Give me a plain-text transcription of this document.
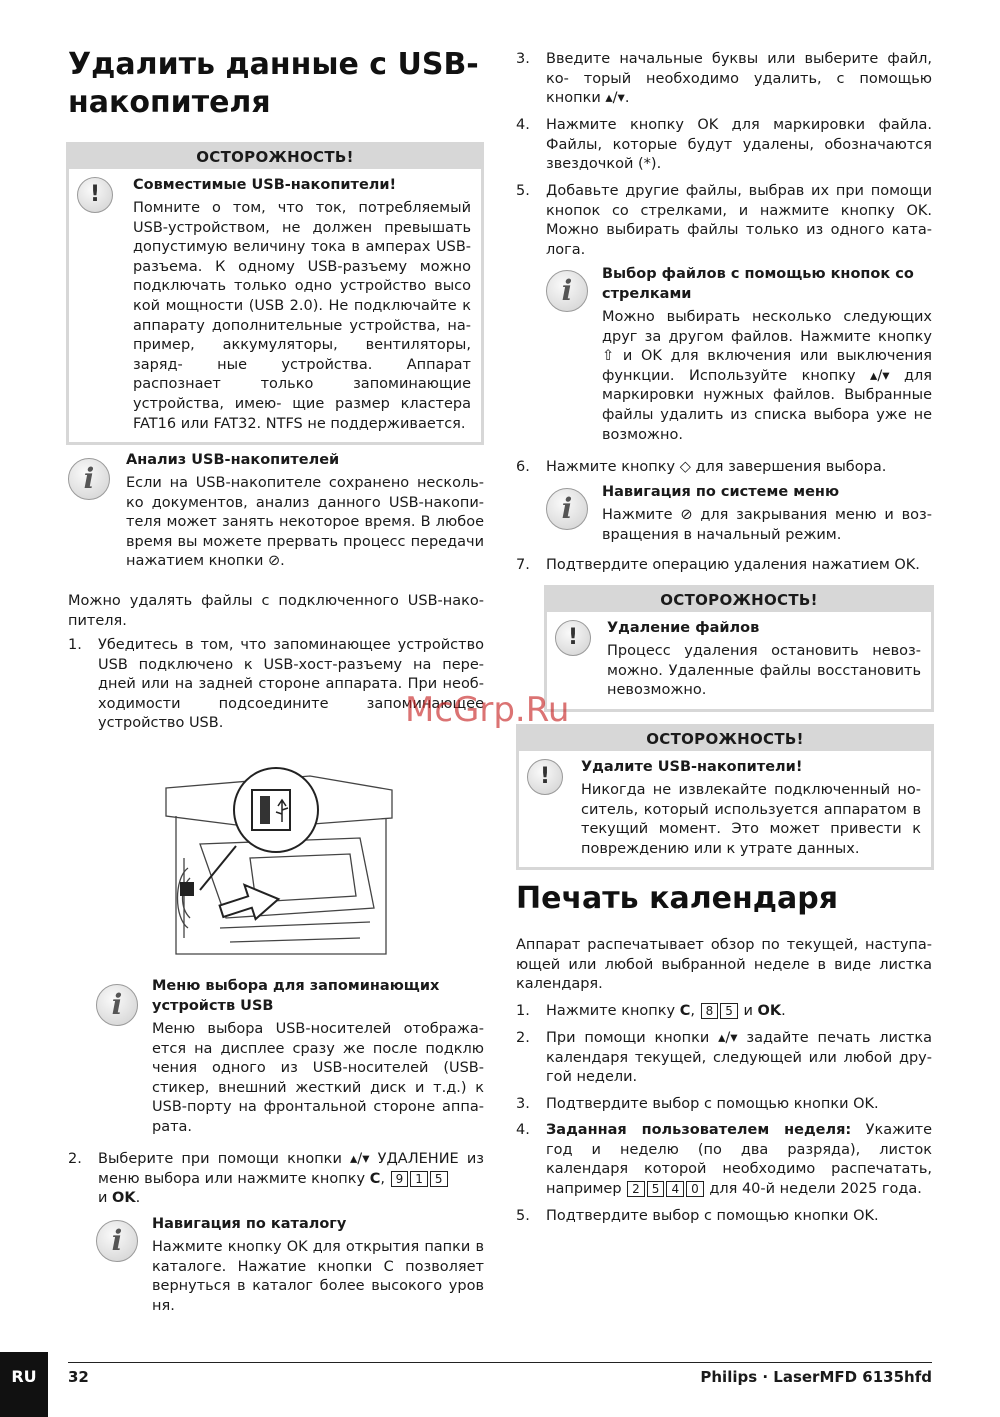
Удалить данные с USB-накопителя
ОСТОРОЖНОСТЬ!
!	Совместимые USB-накопители!

Помните о том, что ток, потребляемый USB-устройством, не должен превышать допустимую величину тока в амперах USB-разъема. К одному USB-разъему можно подключать только одно устройство высо кой мощности (USB 2.0). Не подключайте к аппарату дополнительные устройства, на- пример, аккумуляторы, вентиляторы, заряд- ные устройства. Аппарат распознает только запоминающие устройства, имею- щие размер кластера FAT16 или FAT32. NTFS не поддерживается.

i
Анализ USB-накопителей

Если на USB-накопителе сохранено несколь- ко документов, анализ данного USB-накопи- теля может занять некоторое время. В любое время вы можете прервать процесс передачи нажатием кнопки ⊘.

Можно удалять файлы с подключенного USB-нако- пителя.

1. Убедитесь в том, что запоминающее устройство USB подключено к USB-хост-разъему на пере- дней или на задней стороне аппарата. При необ- ходимости подсоедините запоминающее устройство USB.
i
Меню выбора для запоминающих устройств USB

Меню выбора USB-носителей отобража- ется на дисплее сразу же после подклю чения одного из USB-носителей (USB- стикер, внешний жесткий диск и т.д.) к USB-порту на фронтальной стороне аппа- рата.

2. Выберите при помощи кнопки ▴/▾ УДАЛЕНИЕ из меню выбора или нажмите кнопку C, 9 1 5
и OK.
i	Навигация по каталогу

Нажмите кнопку OK для открытия папки в каталоге. Нажатие кнопки C позволяет вернуться в каталог более высокого уров ня.

3. Введите начальные буквы или выберите файл, ко- торый необходимо удалить, с помощью кнопки ▴/▾.
4. Нажмите кнопку OK для маркировки файла. Файлы, которые будут удалены, обозначаются звездочкой (*).
5. Добавьте другие файлы, выбрав их при помощи кнопок со стрелками, и нажмите кнопку OK. Можно выбирать файлы только из одного ката- лога.
i	Выбор файлов с помощью кнопок со стрелками

Можно выбирать несколько следующих друг за другом файлов. Нажмите кнопку ⇧ и OK для включения или выключения функции. Используйте кнопку ▴/▾ для маркировки нужных файлов. Выбранные файлы удалить из списка выбора уже не возможно.

6. Нажмите кнопку ◇ для завершения выбора.
i	Навигация по системе меню

Нажмите ⊘ для закрывания меню и воз- вращения в начальный режим.

7. Подтвердите операцию удаления нажатием OK.
ОСТОРОЖНОСТЬ!
!	Удаление файлов

Процесс удаления остановить невоз- можно. Удаленные файлы восстановить невозможно.

ОСТОРОЖНОСТЬ!
!	Удалите USB-накопители!

Никогда не извлекайте подключенный но- ситель, который используется аппаратом в текущий момент. Это может привести к повреждению или к утрате данных.

Печать календаря

Аппарат распечатывает обзор по текущей, наступа- ющей или любой выбранной неделе в виде листка календаря.

1. Нажмите кнопку C, 8 5 и OK.
2. При помощи кнопки ▴/▾ задайте печать листка календаря текущей, следующей или любой дру- гой недели.
3. Подтвердите выбор с помощью кнопки OK.
4. Заданная пользователем неделя: Укажите год и неделю (по два разряда), листок календаря которой необходимо распечатать, например 2 5 4 0 для 40-й недели 2025 года.
5. Подтвердите выбор с помощью кнопки OK.
McGrp.Ru
RU	32	Philips · LaserMFD 6135hfd
